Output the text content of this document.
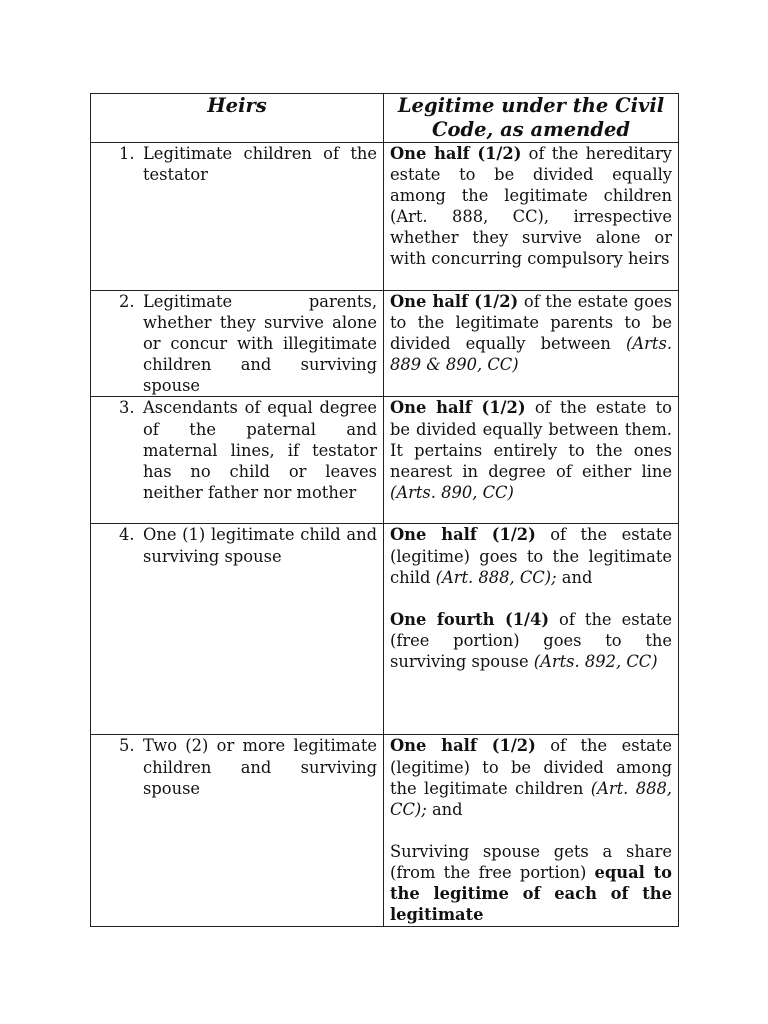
Heirs	Legitime under the Civil Code, as amended

1. Legitimate children of the testator	One half (1/2) of the hereditary estate to be divided equally among the legitimate children (Art. 888, CC), irrespective whether they survive alone or with concurring compulsory heirs

2. Legitimate parents, whether they survive alone or concur with illegitimate children and surviving spouse	One half (1/2) of the estate goes to the legitimate parents to be divided equally between (Arts. 889 & 890, CC)

3. Ascendants of equal degree of the paternal and maternal lines, if testator has no child or leaves neither father nor mother	One half (1/2) of the estate to be divided equally between them. It pertains entirely to the ones nearest in degree of either line (Arts. 890, CC)

4. One (1) legitimate child and surviving spouse	One half (1/2) of the estate (legitime) goes to the legitimate child (Art. 888, CC); and
One fourth (1/4) of the estate (free portion) goes to the surviving spouse (Arts. 892, CC)

5. Two (2) or more legitimate children and surviving spouse	One half (1/2) of the estate (legitime) to be divided among the legitimate children (Art. 888, CC); and
Surviving spouse gets a share (from the free portion) equal to the legitime of each of the legitimate
